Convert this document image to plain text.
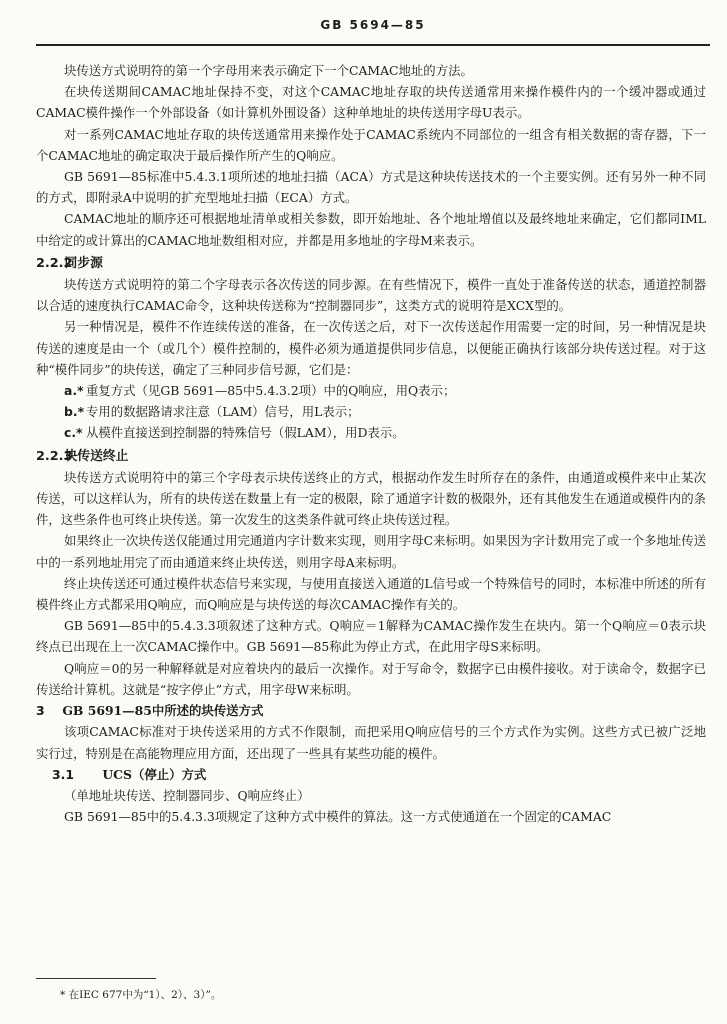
GB 5694—85

块传送方式说明符的第一个字母用来表示确定下一个CAMAC地址的方法。

在块传送期间CAMAC地址保持不变，对这个CAMAC地址存取的块传送通常用来操作模件内的一个缓冲器或通过CAMAC模件操作一个外部设备（如计算机外围设备）这种单地址的块传送用字母U表示。

对一系列CAMAC地址存取的块传送通常用来操作处于CAMAC系统内不同部位的一组含有相关数据的寄存器，下一个CAMAC地址的确定取决于最后操作所产生的Q响应。

GB 5691—85标准中5.4.3.1项所述的地址扫描（ACA）方式是这种块传送技术的一个主要实例。还有另外一种不同的方式，即附录A中说明的扩充型地址扫描（ECA）方式。

CAMAC地址的顺序还可根据地址清单或相关参数，即开始地址、各个地址增值以及最终地址来确定，它们都同IML中给定的或计算出的CAMAC地址数组相对应，并都是用多地址的字母M来表示。

2.2.2 同步源

块传送方式说明符的第二个字母表示各次传送的同步源。在有些情况下，模件一直处于准备传送的状态，通道控制器以合适的速度执行CAMAC命令，这种块传送称为“控制器同步”，这类方式的说明符是XCX型的。

另一种情况是，模件不作连续传送的准备，在一次传送之后，对下一次传送起作用需要一定的时间，另一种情况是块传送的速度是由一个（或几个）模件控制的，模件必须为通道提供同步信息，以便能正确执行该部分块传送过程。对于这种“模件同步”的块传送，确定了三种同步信号源，它们是：

a.* 重复方式（见GB 5691—85中5.4.3.2项）中的Q响应，用Q表示；

b.* 专用的数据路请求注意（LAM）信号，用L表示；

c.* 从模件直接送到控制器的特殊信号（假LAM），用D表示。

2.2.3 块传送终止

块传送方式说明符中的第三个字母表示块传送终止的方式，根据动作发生时所存在的条件，由通道或模件来中止某次传送，可以这样认为，所有的块传送在数量上有一定的极限，除了通道字计数的极限外，还有其他发生在通道或模件内的条件，这些条件也可终止块传送。第一次发生的这类条件就可终止块传送过程。

如果终止一次块传送仅能通过用完通道内字计数来实现，则用字母C来标明。如果因为字计数用完了或一个多地址传送中的一系列地址用完了而由通道来终止块传送，则用字母A来标明。

终止块传送还可通过模件状态信号来实现，与使用直接送入通道的L信号或一个特殊信号的同时，本标准中所述的所有模件终止方式都采用Q响应，而Q响应是与块传送的每次CAMAC操作有关的。

GB 5691—85中的5.4.3.3项叙述了这种方式。Q响应＝1解释为CAMAC操作发生在块内。第一个Q响应＝0表示块终点已出现在上一次CAMAC操作中。GB 5691—85称此为停止方式，在此用字母S来标明。

Q响应＝0的另一种解释就是对应着块内的最后一次操作。对于写命令，数据字已由模件接收。对于读命令，数据字已传送给计算机。这就是“按字停止”方式，用字母W来标明。

3 GB 5691—85中所述的块传送方式

该项CAMAC标准对于块传送采用的方式不作限制，而把采用Q响应信号的三个方式作为实例。这些方式已被广泛地实行过，特别是在高能物理应用方面，还出现了一些具有某些功能的模件。

3.1 UCS（停止）方式

（单地址块传送、控制器同步、Q响应终止）

GB 5691—85中的5.4.3.3项规定了这种方式中模件的算法。这一方式使通道在一个固定的CAMAC

* 在IEC 677中为“1）、2）、3）”。
